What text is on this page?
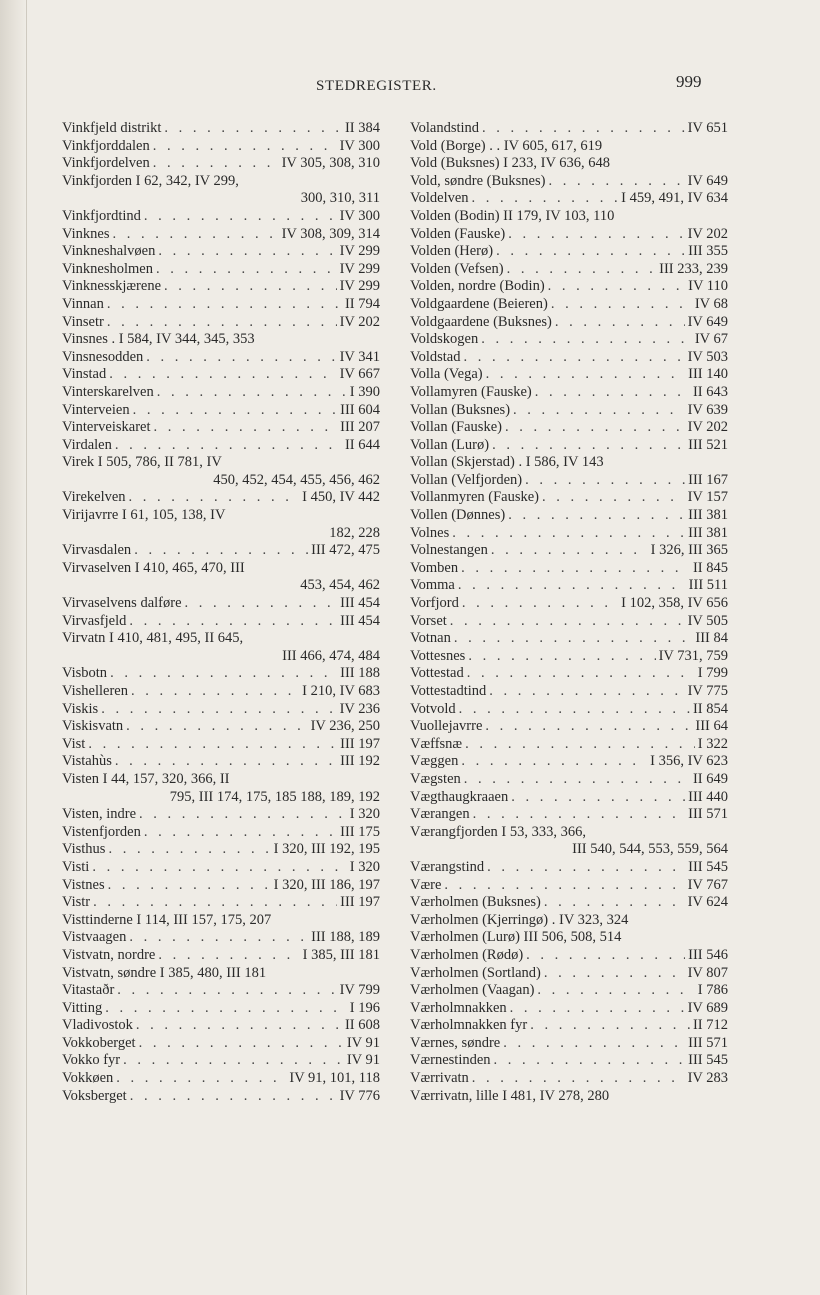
STEDREGISTER.	999
Vinkfjeld distrikt . . .	II 384
Vinkfjorddalen . . .	IV 300
Vinkfjordelven . . .	IV 305, 308, 310
Vinkfjorden I 62, 342, IV 299,
300, 310, 311
Vinkfjordtind . . .	IV 300
Vinknes . . .	IV 308, 309, 314
Vinkneshalvøen . . .	IV 299
Vinknesholmen . . .	IV 299
Vinknesskjærene . . .	IV 299
Vinnan . . .	II 794
Vinsetr . . .	IV 202
Vinsnes . I 584, IV 344, 345, 353
Vinsnesodden . . .	IV 341
Vinstad . . .	IV 667
Vinterskarelven . . .	I 390
Vinterveien . . .	III 604
Vinterveiskaret . . .	III 207
Virdalen . . .	II 644
Virek I 505, 786, II 781, IV
450, 452, 454, 455, 456, 462
Virekelven . . .	I 450, IV 442
Virijavrre I 61, 105, 138, IV
182, 228
Virvasdalen . . .	III 472, 475
Virvaselven I 410, 465, 470, III
453, 454, 462
Virvaselvens dalføre . . .	III 454
Virvasfjeld . . .	III 454
Virvatn I 410, 481, 495, II 645,
III 466, 474, 484
Visbotn . . .	III 188
Vishelleren . . .	I 210, IV 683
Viskis . . .	IV 236
Viskisvatn . . .	IV 236, 250
Vist . . .	III 197
Vistahùs . . .	III 192
Visten I 44, 157, 320, 366, II
795, III 174, 175, 185 188, 189, 192
Visten, indre . . .	I 320
Vistenfjorden . . .	III 175
Visthus . . .	I 320, III 192, 195
Visti . . .	I 320
Vistnes . . .	I 320, III 186, 197
Vistr . . .	III 197
Visttinderne I 114, III 157, 175, 207
Vistvaagen . . .	III 188, 189
Vistvatn, nordre . . .	I 385, III 181
Vistvatn, søndre I 385, 480, III 181
Vitastaðr . . .	IV 799
Vitting . . .	I 196
Vladivostok . . .	II 608
Vokkoberget . . .	IV 91
Vokko fyr . . .	IV 91
Vokkøen . . .	IV 91, 101, 118
Voksberget . . .	IV 776
Volandstind . . .	IV 651
Vold (Borge) . . IV 605, 617, 619
Vold (Buksnes) I 233, IV 636, 648
Vold, søndre (Buksnes) . . .	IV 649
Voldelven . . .	I 459, 491, IV 634
Volden (Bodin) II 179, IV 103, 110
Volden (Fauske) . . .	IV 202
Volden (Herø) . . .	III 355
Volden (Vefsen) . . .	III 233, 239
Volden, nordre (Bodin) . . .	IV 110
Voldgaardene (Beieren) . . .	IV 68
Voldgaardene (Buksnes) . . .	IV 649
Voldskogen . . .	IV 67
Voldstad . . .	IV 503
Volla (Vega) . . .	III 140
Vollamyren (Fauske) . . .	II 643
Vollan (Buksnes) . . .	IV 639
Vollan (Fauske) . . .	IV 202
Vollan (Lurø) . . .	III 521
Vollan (Skjerstad) . I 586, IV 143
Vollan (Velfjorden) . . .	III 167
Vollanmyren (Fauske) . . .	IV 157
Vollen (Dønnes) . . .	III 381
Volnes . . .	III 381
Volnestangen . . .	I 326, III 365
Vomben . . .	II 845
Vomma . . .	III 511
Vorfjord . . .	I 102, 358, IV 656
Vorset . . .	IV 505
Votnan . . .	III 84
Vottesnes . . .	IV 731, 759
Vottestad . . .	I 799
Vottestadtind . . .	IV 775
Votvold . . .	II 854
Vuollejavrre . . .	III 64
Væffsnæ . . .	I 322
Væggen . . .	I 356, IV 623
Vægsten . . .	II 649
Vægthaugkraaen . . .	III 440
Værangen . . .	III 571
Værangfjorden I 53, 333, 366,
III 540, 544, 553, 559, 564
Værangstind . . .	III 545
Være . . .	IV 767
Værholmen (Buksnes) . . .	IV 624
Værholmen (Kjerringø) . IV 323, 324
Værholmen (Lurø) III 506, 508, 514
Værholmen (Rødø) . . .	III 546
Værholmen (Sortland) . . .	IV 807
Værholmen (Vaagan) . . .	I 786
Værholmnakken . . .	IV 689
Værholmnakken fyr . . .	II 712
Værnes, søndre . . .	III 571
Værnestinden . . .	III 545
Værrivatn . . .	IV 283
Værrivatn, lille I 481, IV 278, 280
